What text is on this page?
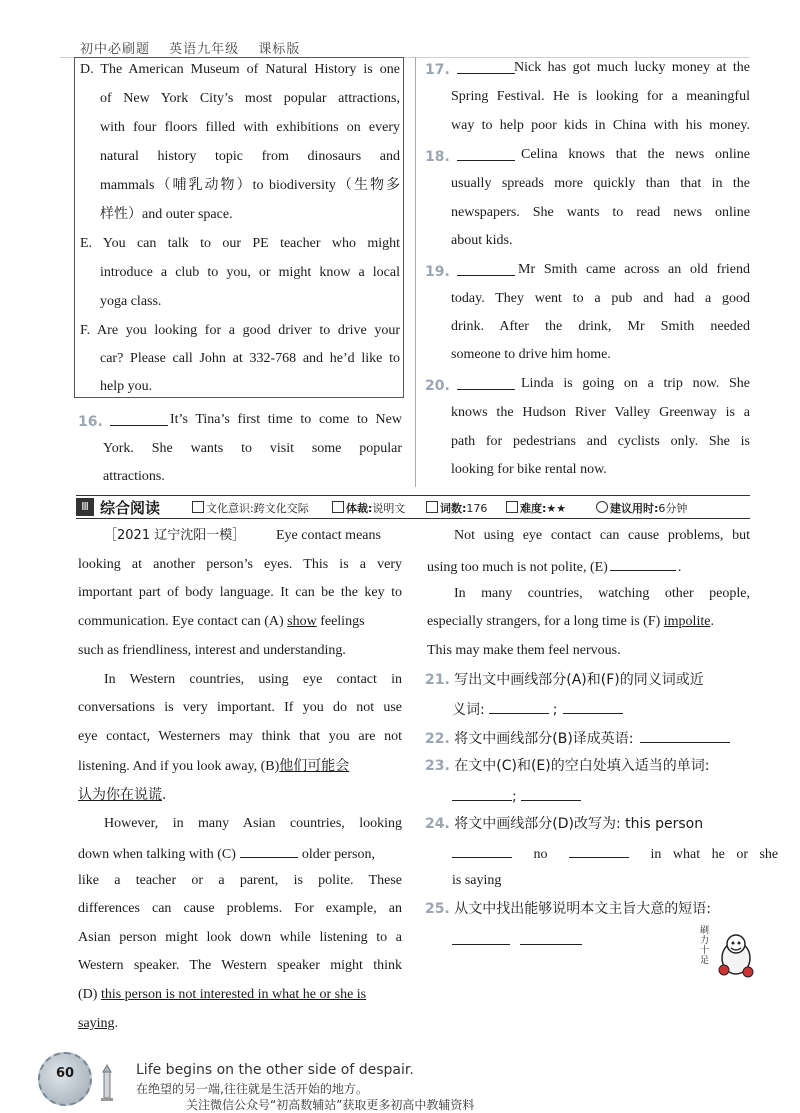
初中必刷题 英语九年级 课标版
D. The American Museum of Natural History is one
of New York City’s most popular attractions,
with four floors filled with exhibitions on every
natural history topic from dinosaurs and
mammals（哺乳动物）to biodiversity（生物多
样性）and outer space.
E. You can talk to our PE teacher who might
introduce a club to you, or might know a local
yoga class.
F. Are you looking for a good driver to drive your
car? Please call John at 332-768 and he’d like to
help you.
16.	It’s Tina’s first time to come to New
York. She wants to visit some popular
attractions.
17.	Nick has got much lucky money at the
Spring Festival. He is looking for a meaningful
way to help poor kids in China with his money.
18.	Celina knows that the news online
usually spreads more quickly than that in the
newspapers. She wants to read news online
about kids.
19.	Mr Smith came across an old friend
today. They went to a pub and had a good
drink. After the drink, Mr Smith needed
someone to drive him home.
20.	Linda is going on a trip now. She
knows the Hudson River Valley Greenway is a
path for pedestrians and cyclists only. She is
looking for bike rental now.
Ⅲ 综合阅读	文化意识:跨文化交际	体裁:说明文	词数:176	难度:★★	建议用时:6分钟
［2021 辽宁沈阳一模］ Eye contact means
looking at another person’s eyes. This is a very
important part of body language. It can be the key to
communication. Eye contact can (A) show feelings
such as friendliness, interest and understanding.
In Western countries, using eye contact in
conversations is very important. If you do not use
eye contact, Westerners may think that you are not
listening. And if you look away, (B)他们可能会
认为你在说谎.
However, in many Asian countries, looking
down when talking with (C)	older person,
like a teacher or a parent, is polite. These
differences can cause problems. For example, an
Asian person might look down while listening to a
Western speaker. The Western speaker might think
(D) this person is not interested in what he or she is
saying.
Not using eye contact can cause problems, but
using too much is not polite, (E)	.
In many countries, watching other people,
especially strangers, for a long time is (F) impolite.
This may make them feel nervous.
21. 写出文中画线部分(A)和(F)的同义词或近
义词:	;
22. 将文中画线部分(B)译成英语:
23. 在文中(C)和(E)的空白处填入适当的单词:
;
24. 将文中画线部分(D)改写为: this person
no	in what he or she
is saying
25. 从文中找出能够说明本文主旨大意的短语:

刷力十足
60	Life begins on the other side of despair.
在绝望的另一端,往往就是生活开始的地方。
关注微信公众号“初高数辅站”获取更多初高中教辅资料
